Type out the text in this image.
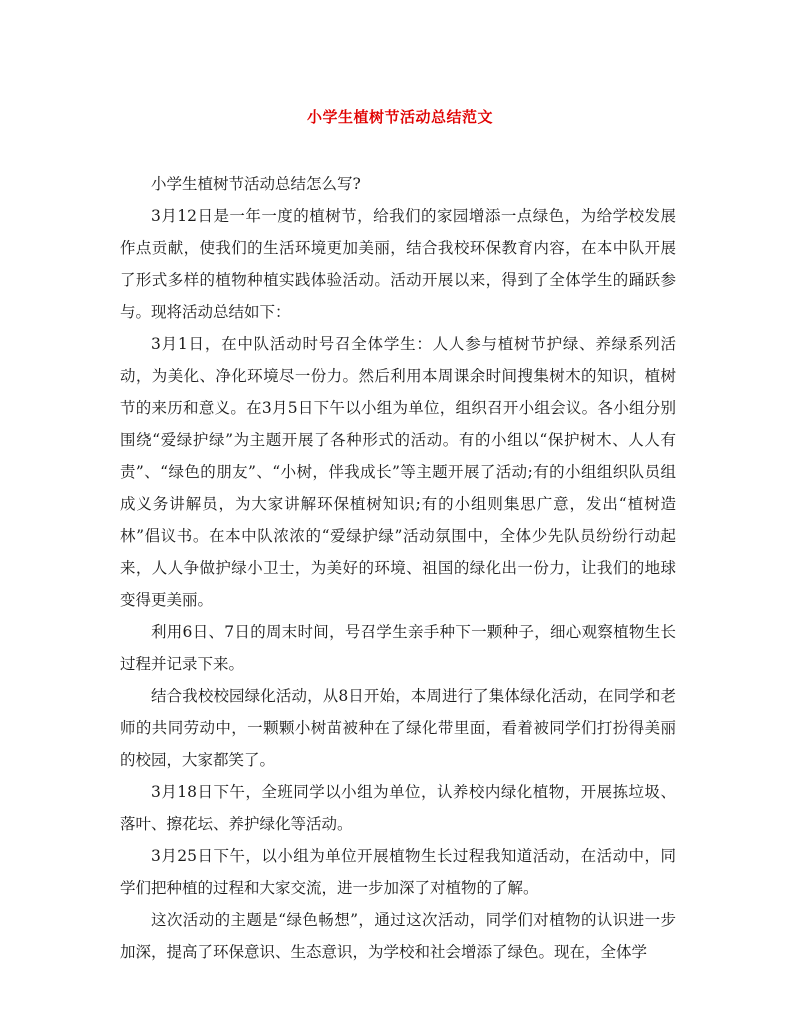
小学生植树节活动总结范文

小学生植树节活动总结怎么写?

3月12日是一年一度的植树节，给我们的家园增添一点绿色，为给学校发展作点贡献，使我们的生活环境更加美丽，结合我校环保教育内容，在本中队开展了形式多样的植物种植实践体验活动。活动开展以来，得到了全体学生的踊跃参与。现将活动总结如下：

3月1日，在中队活动时号召全体学生：人人参与植树节护绿、养绿系列活动，为美化、净化环境尽一份力。然后利用本周课余时间搜集树木的知识，植树节的来历和意义。在3月5日下午以小组为单位，组织召开小组会议。各小组分别围绕“爱绿护绿”为主题开展了各种形式的活动。有的小组以“保护树木、人人有责”、“绿色的朋友”、“小树，伴我成长”等主题开展了活动;有的小组组织队员组成义务讲解员，为大家讲解环保植树知识;有的小组则集思广意，发出“植树造林”倡议书。在本中队浓浓的“爱绿护绿”活动氛围中，全体少先队员纷纷行动起来，人人争做护绿小卫士，为美好的环境、祖国的绿化出一份力，让我们的地球变得更美丽。

利用6日、7日的周末时间，号召学生亲手种下一颗种子，细心观察植物生长过程并记录下来。

结合我校校园绿化活动，从8日开始，本周进行了集体绿化活动，在同学和老师的共同劳动中，一颗颗小树苗被种在了绿化带里面，看着被同学们打扮得美丽的校园，大家都笑了。

3月18日下午，全班同学以小组为单位，认养校内绿化植物，开展拣垃圾、落叶、擦花坛、养护绿化等活动。

3月25日下午，以小组为单位开展植物生长过程我知道活动，在活动中，同学们把种植的过程和大家交流，进一步加深了对植物的了解。

这次活动的主题是“绿色畅想”，通过这次活动，同学们对植物的认识进一步加深，提高了环保意识、生态意识，为学校和社会增添了绿色。现在，全体学
